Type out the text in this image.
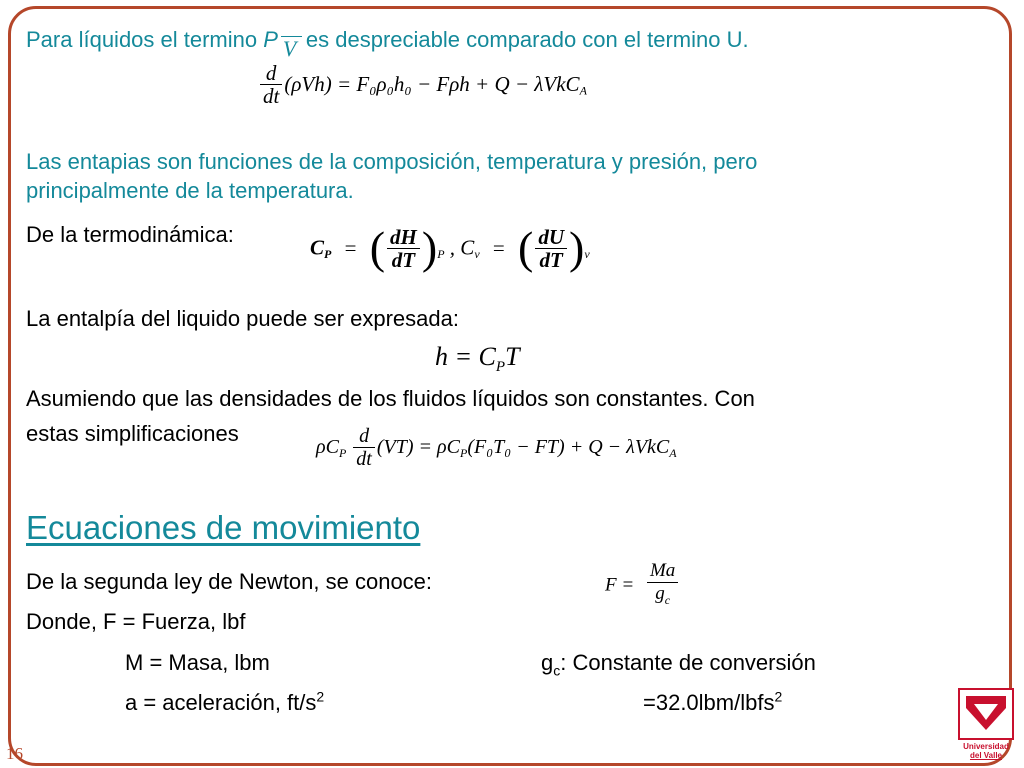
Para líquidos el termino P V es despreciable comparado con el termino U.
$\frac{d}{dt} (\rho Vh) = F_0\rho_0h_0 - F\rho h + Q - \lambda VkC_A$
Las entapias son funciones de la composición, temperatura y presión, pero
principalmente de la temperatura.
De la termodinámica:
$C_P$ = ( $\frac{dH}{dT} )_P$ , $C_v$ = ( $\frac{dU}{dT} )_v$
La entalpía del liquido puede ser expresada:
$h = C_PT$
Asumiendo que las densidades de los fluidos líquidos son constantes. Con
estas simplificaciones
$\rho C_P \frac{d}{dt} (VT) = \rho C_P(F_0T_0 - FT) + Q - \lambda VkC_A$
Ecuaciones de movimiento
De la segunda ley de Newton, se conoce:	$F = \frac{Ma}{g_c}$
Donde, F = Fuerza, lbf
M = Masa, lbm	$g_c$: Constante de conversión
a = aceleración, $ft/s^2$	=32.0lbm/lbfs$^2$
16	Universidad
del Valle
